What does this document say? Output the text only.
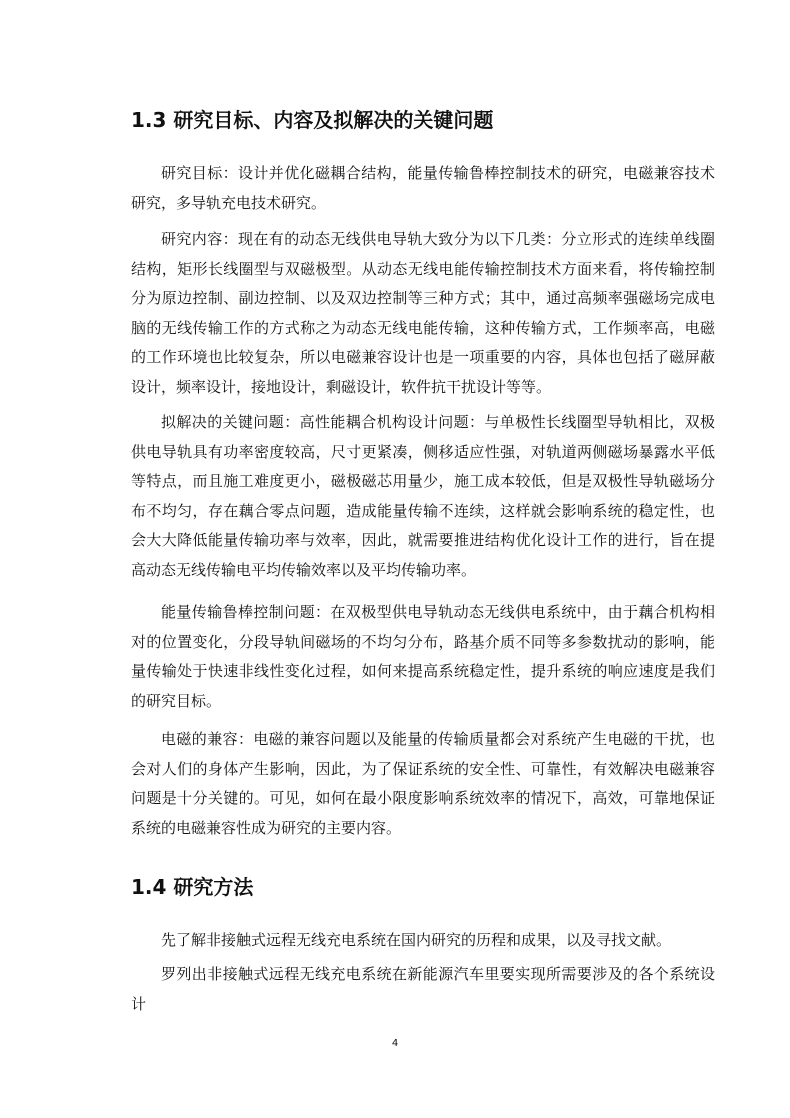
1.3 研究目标、内容及拟解决的关键问题

研究目标：设计并优化磁耦合结构，能量传输鲁棒控制技术的研究，电磁兼容技术研究，多导轨充电技术研究。

研究内容：现在有的动态无线供电导轨大致分为以下几类：分立形式的连续单线圈结构，矩形长线圈型与双磁极型。从动态无线电能传输控制技术方面来看，将传输控制分为原边控制、副边控制、以及双边控制等三种方式；其中，通过高频率强磁场完成电脑的无线传输工作的方式称之为动态无线电能传输，这种传输方式，工作频率高，电磁的工作环境也比较复杂，所以电磁兼容设计也是一项重要的内容，具体也包括了磁屏蔽设计，频率设计，接地设计，剩磁设计，软件抗干扰设计等等。

拟解决的关键问题：高性能耦合机构设计问题：与单极性长线圈型导轨相比，双极供电导轨具有功率密度较高，尺寸更紧凑，侧移适应性强，对轨道两侧磁场暴露水平低等特点，而且施工难度更小，磁极磁芯用量少，施工成本较低，但是双极性导轨磁场分布不均匀，存在藕合零点问题，造成能量传输不连续，这样就会影响系统的稳定性，也会大大降低能量传输功率与效率，因此，就需要推进结构优化设计工作的进行，旨在提高动态无线传输电平均传输效率以及平均传输功率。

能量传输鲁棒控制问题：在双极型供电导轨动态无线供电系统中，由于藕合机构相对的位置变化，分段导轨间磁场的不均匀分布，路基介质不同等多参数扰动的影响，能量传输处于快速非线性变化过程，如何来提高系统稳定性，提升系统的响应速度是我们的研究目标。

电磁的兼容：电磁的兼容问题以及能量的传输质量都会对系统产生电磁的干扰，也会对人们的身体产生影响，因此，为了保证系统的安全性、可靠性，有效解决电磁兼容问题是十分关键的。可见，如何在最小限度影响系统效率的情况下，高效，可靠地保证系统的电磁兼容性成为研究的主要内容。

1.4 研究方法

先了解非接触式远程无线充电系统在国内研究的历程和成果，以及寻找文献。

罗列出非接触式远程无线充电系统在新能源汽车里要实现所需要涉及的各个系统设计

4
